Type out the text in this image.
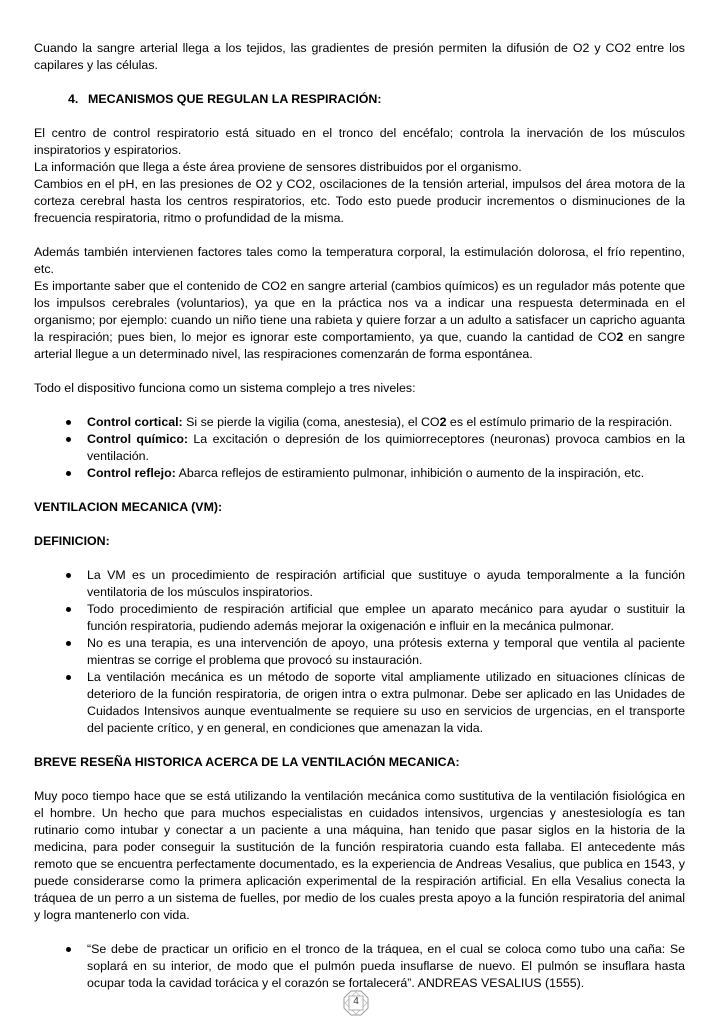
Cuando la sangre arterial llega a los tejidos, las gradientes de presión permiten la difusión de O2 y CO2 entre los capilares y las células.

4. MECANISMOS QUE REGULAN LA RESPIRACIÓN:

El centro de control respiratorio está situado en el tronco del encéfalo; controla la inervación de los músculos inspiratorios y espiratorios.

La información que llega a éste área proviene de sensores distribuidos por el organismo.

Cambios en el pH, en las presiones de O2 y CO2, oscilaciones de la tensión arterial, impulsos del área motora de la corteza cerebral hasta los centros respiratorios, etc. Todo esto puede producir incrementos o disminuciones de la frecuencia respiratoria, ritmo o profundidad de la misma.

Además también intervienen factores tales como la temperatura corporal, la estimulación dolorosa, el frío repentino, etc.

Es importante saber que el contenido de CO2 en sangre arterial (cambios químicos) es un regulador más potente que los impulsos cerebrales (voluntarios), ya que en la práctica nos va a indicar una respuesta determinada en el organismo; por ejemplo: cuando un niño tiene una rabieta y quiere forzar a un adulto a satisfacer un capricho aguanta la respiración; pues bien, lo mejor es ignorar este comportamiento, ya que, cuando la cantidad de CO2 en sangre arterial llegue a un determinado nivel, las respiraciones comenzarán de forma espontánea.

Todo el dispositivo funciona como un sistema complejo a tres niveles:

Control cortical: Si se pierde la vigilia (coma, anestesia), el CO2 es el estímulo primario de la respiración.
Control químico: La excitación o depresión de los quimiorreceptores (neuronas) provoca cambios en la ventilación.
Control reflejo: Abarca reflejos de estiramiento pulmonar, inhibición o aumento de la inspiración, etc.

VENTILACION MECANICA (VM):

DEFINICION:

La VM es un procedimiento de respiración artificial que sustituye o ayuda temporalmente a la función ventilatoria de los músculos inspiratorios.
Todo procedimiento de respiración artificial que emplee un aparato mecánico para ayudar o sustituir la función respiratoria, pudiendo además mejorar la oxigenación e influir en la mecánica pulmonar.
No es una terapia, es una intervención de apoyo, una prótesis externa y temporal que ventila al paciente mientras se corrige el problema que provocó su instauración.
La ventilación mecánica es un método de soporte vital ampliamente utilizado en situaciones clínicas de deterioro de la función respiratoria, de origen intra o extra pulmonar. Debe ser aplicado en las Unidades de Cuidados Intensivos aunque eventualmente se requiere su uso en servicios de urgencias, en el transporte del paciente crítico, y en general, en condiciones que amenazan la vida.

BREVE RESEÑA HISTORICA ACERCA DE LA VENTILACIÓN MECANICA:

Muy poco tiempo hace que se está utilizando la ventilación mecánica como sustitutiva de la ventilación fisiológica en el hombre. Un hecho que para muchos especialistas en cuidados intensivos, urgencias y anestesiología es tan rutinario como intubar y conectar a un paciente a una máquina, han tenido que pasar siglos en la historia de la medicina, para poder conseguir la sustitución de la función respiratoria cuando esta fallaba. El antecedente más remoto que se encuentra perfectamente documentado, es la experiencia de Andreas Vesalius, que publica en 1543, y puede considerarse como la primera aplicación experimental de la respiración artificial. En ella Vesalius conecta la tráquea de un perro a un sistema de fuelles, por medio de los cuales presta apoyo a la función respiratoria del animal y logra mantenerlo con vida.

“Se debe de practicar un orificio en el tronco de la tráquea, en el cual se coloca como tubo una caña: Se soplará en su interior, de modo que el pulmón pueda insuflarse de nuevo. El pulmón se insuflara hasta ocupar toda la cavidad torácica y el corazón se fortalecerá”. ANDREAS VESALIUS (1555).
4
